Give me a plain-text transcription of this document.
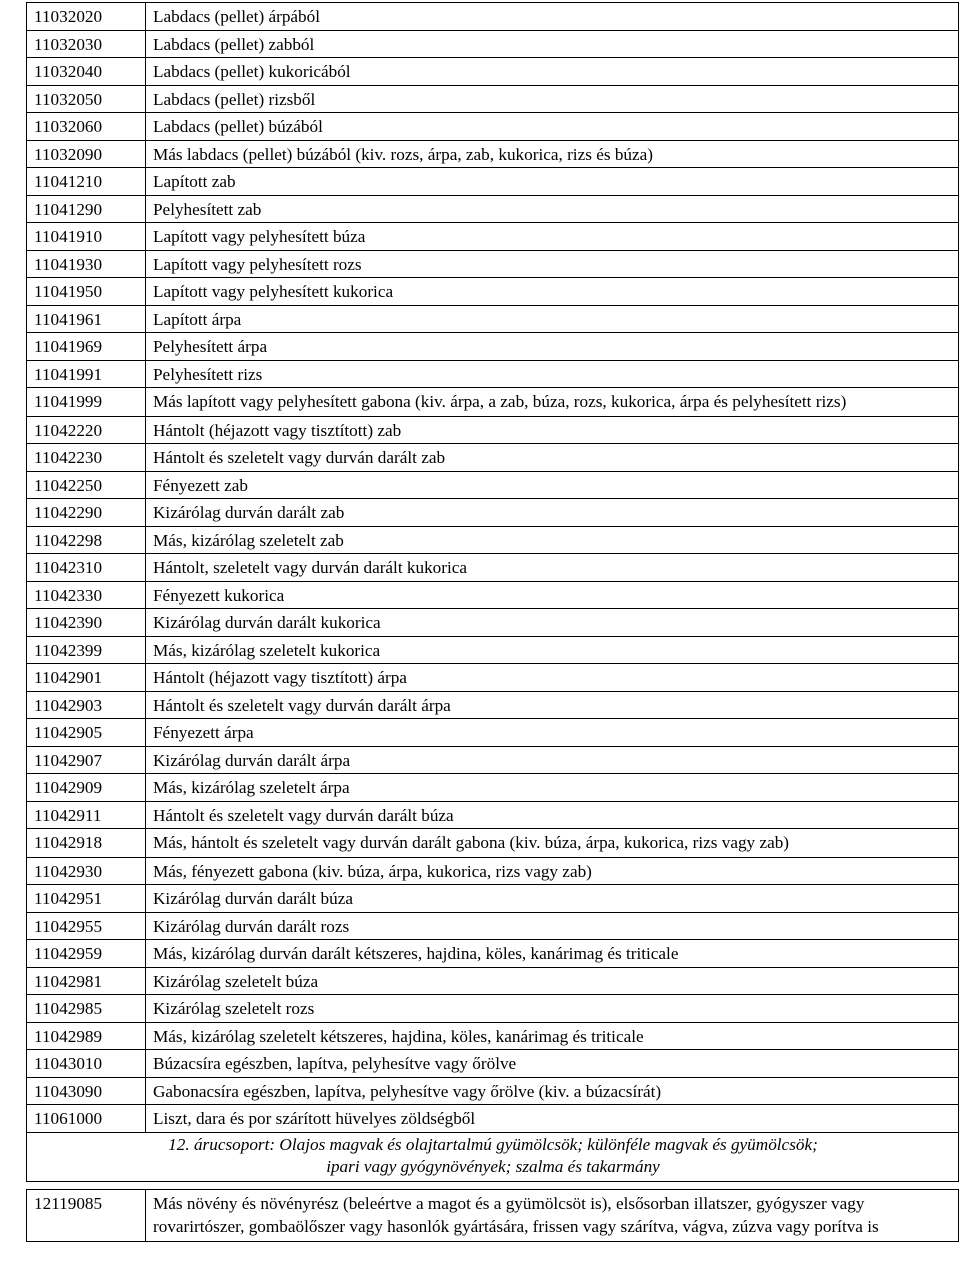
11032020	Labdacs (pellet) árpából
11032030	Labdacs (pellet) zabból
11032040	Labdacs (pellet) kukoricából
11032050	Labdacs (pellet) rizsből
11032060	Labdacs (pellet) búzából
11032090	Más labdacs (pellet) búzából (kiv. rozs, árpa, zab, kukorica, rizs és búza)
11041210	Lapított zab
11041290	Pelyhesített zab
11041910	Lapított vagy pelyhesített búza
11041930	Lapított vagy pelyhesített rozs
11041950	Lapított vagy pelyhesített kukorica
11041961	Lapított árpa
11041969	Pelyhesített árpa
11041991	Pelyhesített rizs
11041999	Más lapított vagy pelyhesített gabona (kiv. árpa, a zab, búza, rozs, kukorica, árpa és pelyhesített rizs)
11042220	Hántolt (héjazott vagy tisztított) zab
11042230	Hántolt és szeletelt vagy durván darált zab
11042250	Fényezett zab
11042290	Kizárólag durván darált zab
11042298	Más, kizárólag szeletelt zab
11042310	Hántolt, szeletelt vagy durván darált kukorica
11042330	Fényezett kukorica
11042390	Kizárólag durván darált kukorica
11042399	Más, kizárólag szeletelt kukorica
11042901	Hántolt (héjazott vagy tisztított) árpa
11042903	Hántolt és szeletelt vagy durván darált árpa
11042905	Fényezett árpa
11042907	Kizárólag durván darált árpa
11042909	Más, kizárólag szeletelt árpa
11042911	Hántolt és szeletelt vagy durván darált búza
11042918	Más, hántolt és szeletelt vagy durván darált gabona (kiv. búza, árpa, kukorica, rizs vagy zab)
11042930	Más, fényezett gabona (kiv. búza, árpa, kukorica, rizs vagy zab)
11042951	Kizárólag durván darált búza
11042955	Kizárólag durván darált rozs
11042959	Más, kizárólag durván darált kétszeres, hajdina, köles, kanárimag és triticale
11042981	Kizárólag szeletelt búza
11042985	Kizárólag szeletelt rozs
11042989	Más, kizárólag szeletelt kétszeres, hajdina, köles, kanárimag és triticale
11043010	Búzacsíra egészben, lapítva, pelyhesítve vagy őrölve
11043090	Gabonacsíra egészben, lapítva, pelyhesítve vagy őrölve (kiv. a búzacsírát)
11061000	Liszt, dara és por szárított hüvelyes zöldségből

12. árucsoport: Olajos magvak és olajtartalmú gyümölcsök; különféle magvak és gyümölcsök;
ipari vagy gyógynövények; szalma és takarmány	

12119085	Más növény és növényrész (beleértve a magot és a gyümölcsöt is), elsősorban illatszer, gyógyszer vagy rovarirtószer, gombaölőszer vagy hasonlók gyártására, frissen vagy szárítva, vágva, zúzva vagy porítva is
